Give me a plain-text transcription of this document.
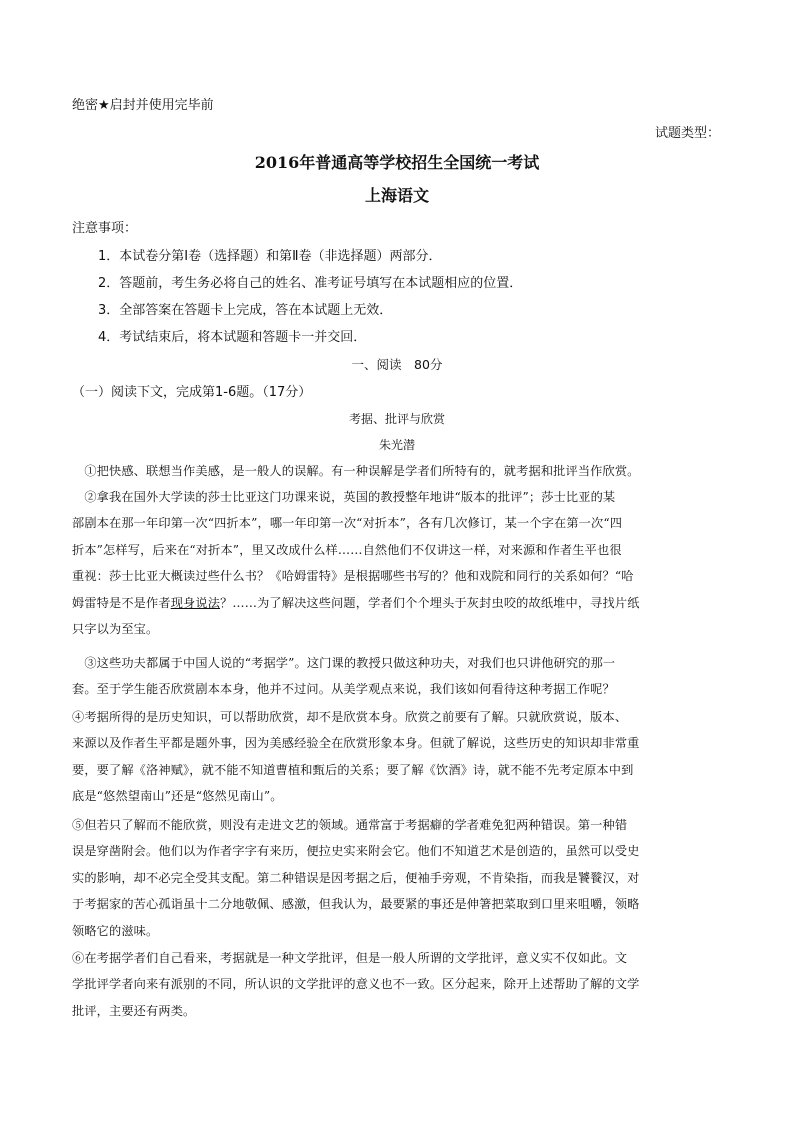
绝密★启封并使用完毕前
试题类型：
2016年普通高等学校招生全国统一考试
上海语文
注意事项：
1．本试卷分第Ⅰ卷（选择题）和第Ⅱ卷（非选择题）两部分．
2．答题前，考生务必将自己的姓名、准考证号填写在本试题相应的位置．
3．全部答案在答题卡上完成，答在本试题上无效．
4．考试结束后，将本试题和答题卡一并交回．
一、阅读　80分
（一）阅读下文，完成第1-6题。（17分）
考据、批评与欣赏
朱光潜
　①把快感、联想当作美感，是一般人的误解。有一种误解是学者们所特有的，就考据和批评当作欣赏。
　②拿我在国外大学读的莎士比亚这门功课来说，英国的教授整年地讲“版本的批评”；莎士比亚的某
部剧本在那一年印第一次“四折本”，哪一年印第一次“对折本”，各有几次修订，某一个字在第一次“四
折本”怎样写，后来在“对折本”，里又改成什么样……自然他们不仅讲这一样，对来源和作者生平也很
重视：莎士比亚大概读过些什么书？《哈姆雷特》是根据哪些书写的？他和戏院和同行的关系如何？“哈
姆雷特是不是作者现身说法？……为了解决这些问题，学者们个个埋头于灰封虫咬的故纸堆中，寻找片纸
只字以为至宝。
　③这些功夫都属于中国人说的“考据学”。这门课的教授只做这种功夫，对我们也只讲他研究的那一
套。至于学生能否欣赏剧本本身，他并不过问。从美学观点来说，我们该如何看待这种考据工作呢？
④考据所得的是历史知识，可以帮助欣赏，却不是欣赏本身。欣赏之前要有了解。只就欣赏说，版本、
来源以及作者生平都是题外事，因为美感经验全在欣赏形象本身。但就了解说，这些历史的知识却非常重
要，要了解《洛神赋》，就不能不知道曹植和甄后的关系；要了解《饮酒》诗，就不能不先考定原本中到
底是“悠然望南山”还是“悠然见南山”。
⑤但若只了解而不能欣赏，则没有走进文艺的领域。通常富于考据癖的学者难免犯两种错误。第一种错
误是穿凿附会。他们以为作者字字有来历，便拉史实来附会它。他们不知道艺术是创造的，虽然可以受史
实的影响，却不必完全受其支配。第二种错误是因考据之后，便袖手旁观，不肯染指，而我是饕餮汉，对
于考据家的苦心孤诣虽十二分地敬佩、感激，但我认为，最要紧的事还是伸箸把菜取到口里来咀嚼，领略
领略它的滋味。
⑥在考据学者们自己看来，考据就是一种文学批评，但是一般人所谓的文学批评，意义实不仅如此。文
学批评学者向来有派别的不同，所认识的文学批评的意义也不一致。区分起来，除开上述帮助了解的文学
批评，主要还有两类。
